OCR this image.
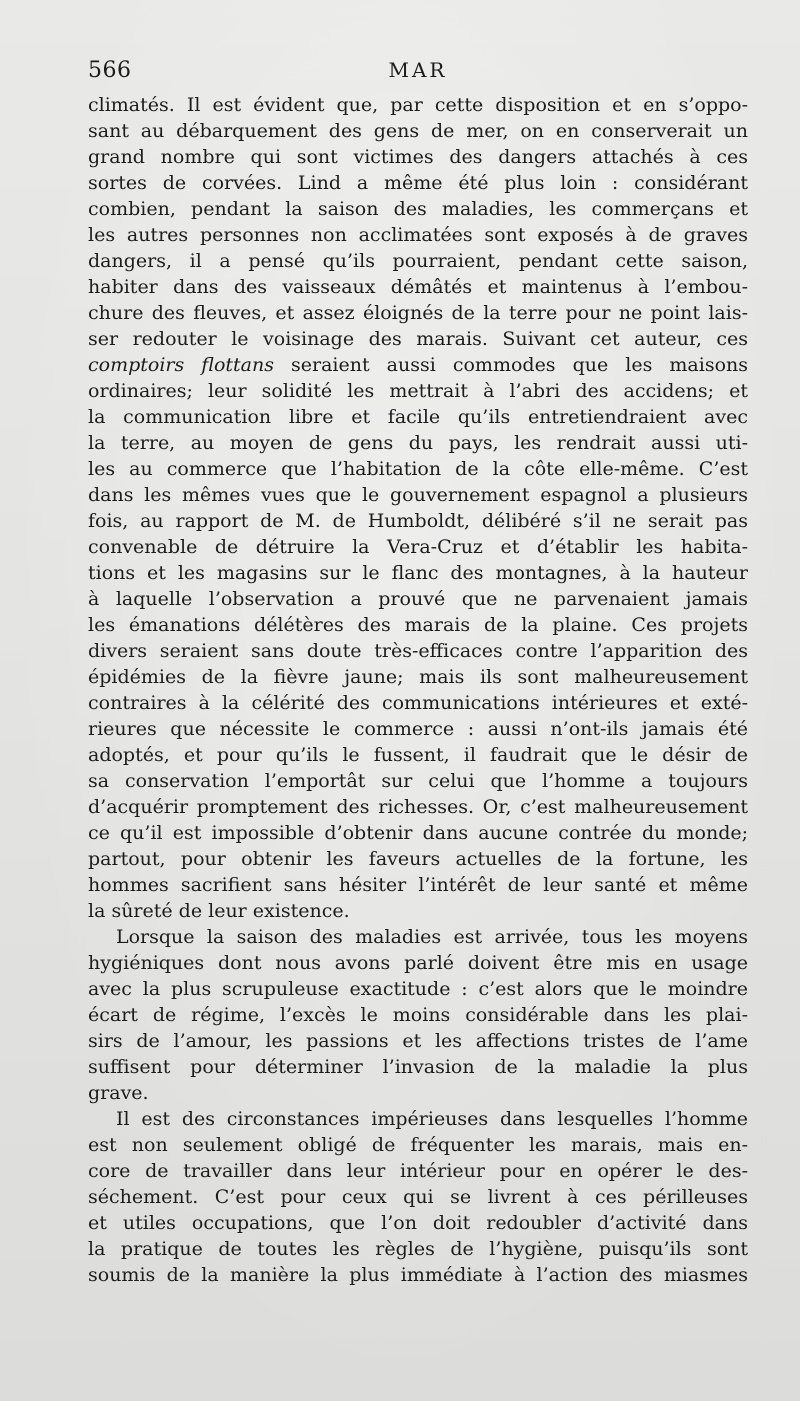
566	MAR
climatés. Il est évident que, par cette disposition et en s’oppo-
sant au débarquement des gens de mer, on en conserverait un
grand nombre qui sont victimes des dangers attachés à ces
sortes de corvées. Lind a même été plus loin : considérant
combien, pendant la saison des maladies, les commerçans et
les autres personnes non acclimatées sont exposés à de graves
dangers, il a pensé qu’ils pourraient, pendant cette saison,
habiter dans des vaisseaux démâtés et maintenus à l’embou-
chure des fleuves, et assez éloignés de la terre pour ne point lais-
ser redouter le voisinage des marais. Suivant cet auteur, ces
comptoirs flottans seraient aussi commodes que les maisons
ordinaires; leur solidité les mettrait à l’abri des accidens; et
la communication libre et facile qu’ils entretiendraient avec
la terre, au moyen de gens du pays, les rendrait aussi uti-
les au commerce que l’habitation de la côte elle-même. C’est
dans les mêmes vues que le gouvernement espagnol a plusieurs
fois, au rapport de M. de Humboldt, délibéré s’il ne serait pas
convenable de détruire la Vera-Cruz et d’établir les habita-
tions et les magasins sur le flanc des montagnes, à la hauteur
à laquelle l’observation a prouvé que ne parvenaient jamais
les émanations délétères des marais de la plaine. Ces projets
divers seraient sans doute très-efficaces contre l’apparition des
épidémies de la fièvre jaune; mais ils sont malheureusement
contraires à la célérité des communications intérieures et exté-
rieures que nécessite le commerce : aussi n’ont-ils jamais été
adoptés, et pour qu’ils le fussent, il faudrait que le désir de
sa conservation l’emportât sur celui que l’homme a toujours
d’acquérir promptement des richesses. Or, c’est malheureusement
ce qu’il est impossible d’obtenir dans aucune contrée du monde;
partout, pour obtenir les faveurs actuelles de la fortune, les
hommes sacrifient sans hésiter l’intérêt de leur santé et même
la sûreté de leur existence.
Lorsque la saison des maladies est arrivée, tous les moyens
hygiéniques dont nous avons parlé doivent être mis en usage
avec la plus scrupuleuse exactitude : c’est alors que le moindre
écart de régime, l’excès le moins considérable dans les plai-
sirs de l’amour, les passions et les affections tristes de l’ame
suffisent pour déterminer l’invasion de la maladie la plus
grave.
Il est des circonstances impérieuses dans lesquelles l’homme
est non seulement obligé de fréquenter les marais, mais en-
core de travailler dans leur intérieur pour en opérer le des-
séchement. C’est pour ceux qui se livrent à ces périlleuses
et utiles occupations, que l’on doit redoubler d’activité dans
la pratique de toutes les règles de l’hygiène, puisqu’ils sont
soumis de la manière la plus immédiate à l’action des miasmes
